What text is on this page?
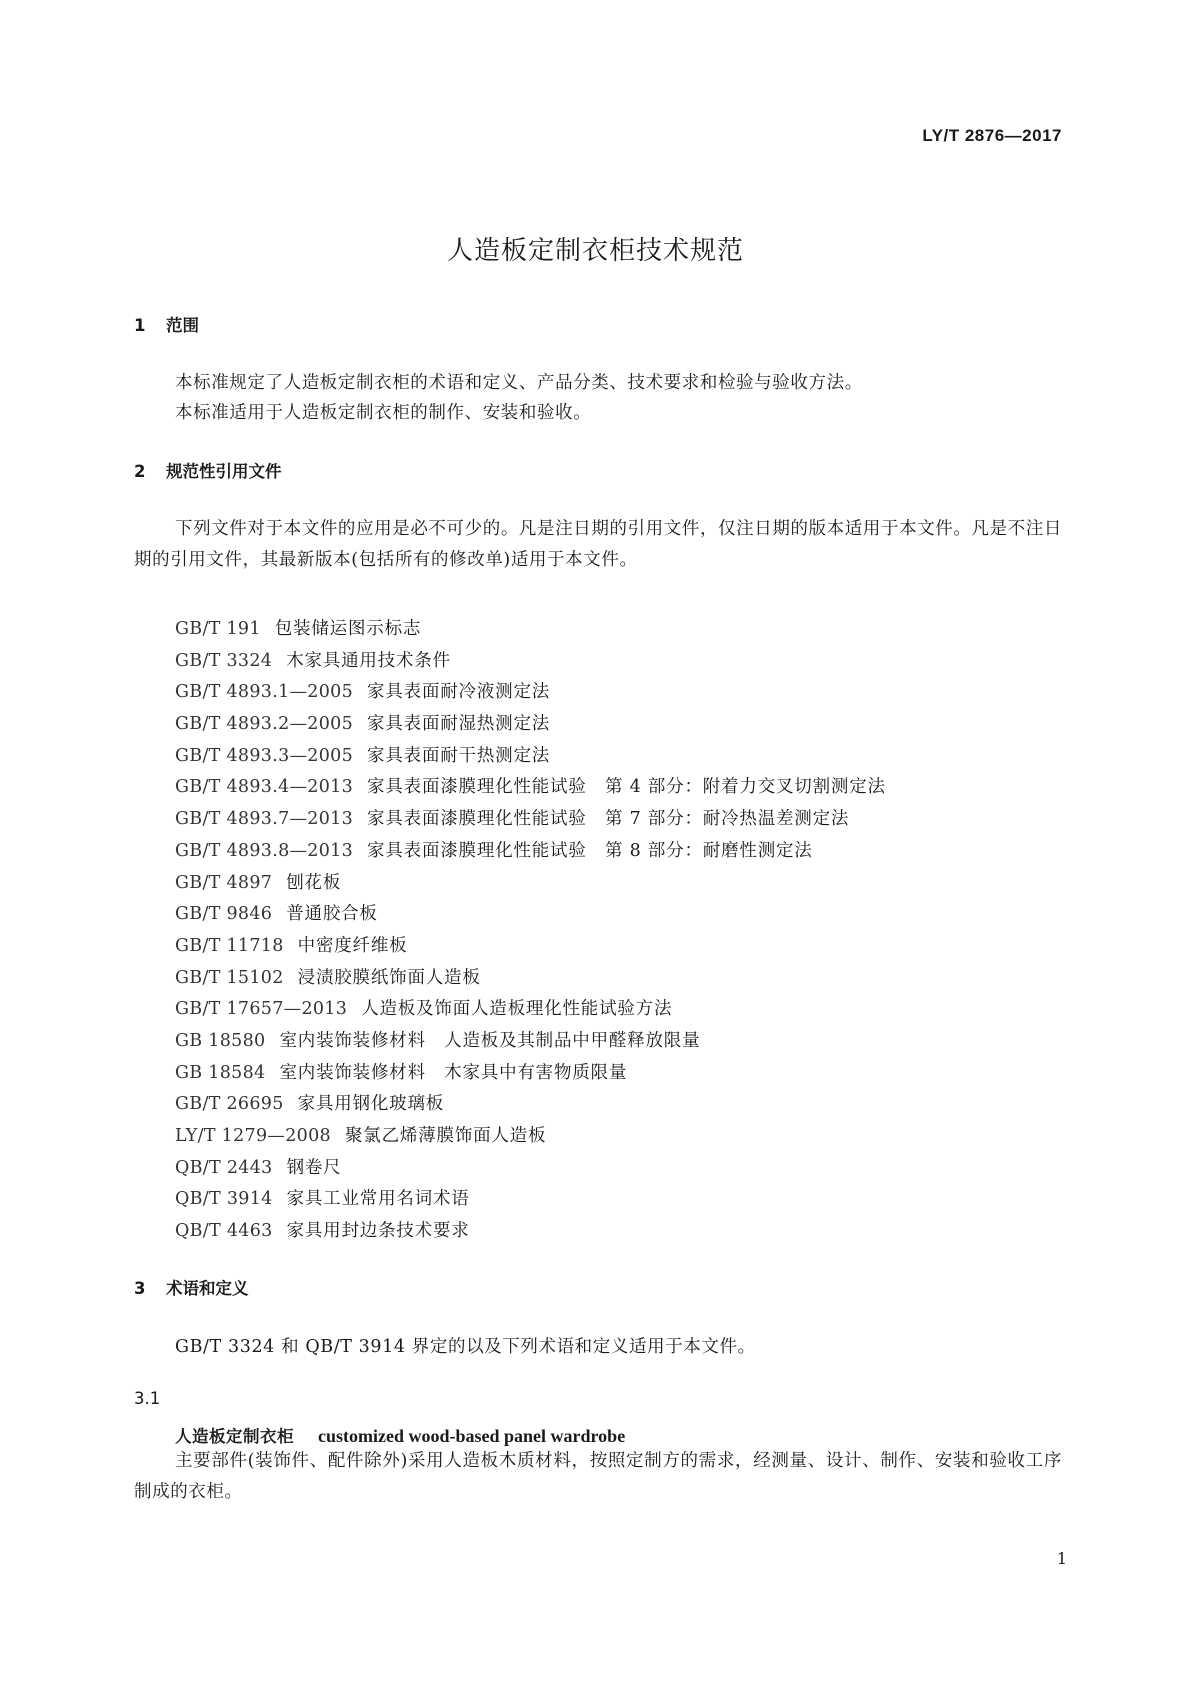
LY/T 2876—2017
人造板定制衣柜技术规范
1 范围
本标准规定了人造板定制衣柜的术语和定义、产品分类、技术要求和检验与验收方法。
本标准适用于人造板定制衣柜的制作、安装和验收。
2 规范性引用文件
下列文件对于本文件的应用是必不可少的。凡是注日期的引用文件，仅注日期的版本适用于本文件。凡是不注日期的引用文件，其最新版本(包括所有的修改单)适用于本文件。
GB/T 191 包装储运图示标志
GB/T 3324 木家具通用技术条件
GB/T 4893.1—2005 家具表面耐冷液测定法
GB/T 4893.2—2005 家具表面耐湿热测定法
GB/T 4893.3—2005 家具表面耐干热测定法
GB/T 4893.4—2013 家具表面漆膜理化性能试验　第 4 部分：附着力交叉切割测定法
GB/T 4893.7—2013 家具表面漆膜理化性能试验　第 7 部分：耐冷热温差测定法
GB/T 4893.8—2013 家具表面漆膜理化性能试验　第 8 部分：耐磨性测定法
GB/T 4897 刨花板
GB/T 9846 普通胶合板
GB/T 11718 中密度纤维板
GB/T 15102 浸渍胶膜纸饰面人造板
GB/T 17657—2013 人造板及饰面人造板理化性能试验方法
GB 18580 室内装饰装修材料　人造板及其制品中甲醛释放限量
GB 18584 室内装饰装修材料　木家具中有害物质限量
GB/T 26695 家具用钢化玻璃板
LY/T 1279—2008 聚氯乙烯薄膜饰面人造板
QB/T 2443 钢卷尺
QB/T 3914 家具工业常用名词术语
QB/T 4463 家具用封边条技术要求
3 术语和定义
GB/T 3324 和 QB/T 3914 界定的以及下列术语和定义适用于本文件。
3.1
人造板定制衣柜 customized wood-based panel wardrobe
主要部件(装饰件、配件除外)采用人造板木质材料，按照定制方的需求，经测量、设计、制作、安装和验收工序制成的衣柜。
1
